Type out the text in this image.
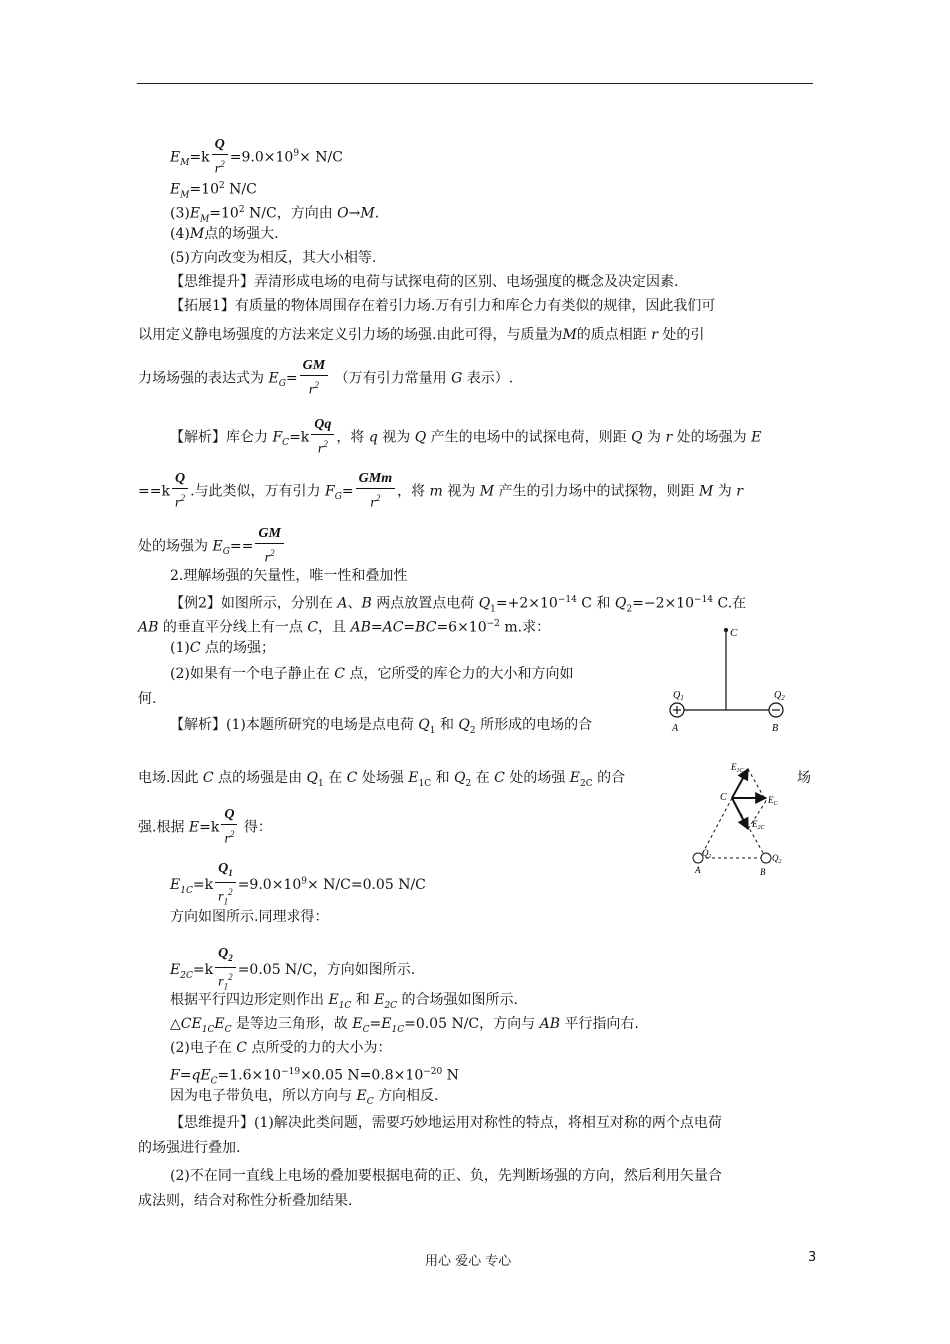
$E_M=k \frac{Q}{r^2} =9.0\times 10^9\times N/C$
$E_M=10^2$ N/C
$(3)E_M=10^2$ N/C，方向由 O→M.
(4)M点的场强大.
(5)方向改变为相反，其大小相等.
【思维提升】弄清形成电场的电荷与试探电荷的区别、电场强度的概念及决定因素.
【拓展1】有质量的物体周围存在着引力场.万有引力和库仑力有类似的规律，因此我们可
以用定义静电场强度的方法来定义引力场的场强.由此可得，与质量为M的质点相距 r 处的引
力场场强的表达式为 $E_G= \frac{GM}{r^2}$ （万有引力常量用 G 表示）.
【解析】库仑力 $F_C=k \frac{Qq}{r^2}$ ，将 q 视为 Q 产生的电场中的试探电荷，则距 Q 为 r 处的场强为 E
$==k \frac{Q}{r^2}$ .与此类似，万有引力 $F_G= \frac{\text{GMm}}{r^2}$ ，将 m 视为 M 产生的引力场中的试探物，则距 M 为 r
处的场强为 $E_G== \frac{GM}{r^2}$
2.理解场强的矢量性，唯一性和叠加性
【例2】如图所示，分别在 A、B 两点放置点电荷 $Q_1=+2\times 10^{-14}$ C 和 $Q_2=-2\times 10^{-14}$ C.在
AB 的垂直平分线上有一点 C，且 $AB=AC=BC=6\times 10^{-2}$ m.求：
(1)C 点的场强；
(2)如果有一个电子静止在 C 点，它所受的库仑力的大小和方向如
何.
【解析】(1)本题所研究的电场是点电荷 $Q_1$ 和 $Q_2$ 所形成的电场的合
电场.因此 C 点的场强是由 $Q_1$ 在 C 处场强 $E_{1C}$ 和 $Q_2$ 在 C 处的场强 $E_{2C}$ 的合	场
强.根据 $E=k \frac{Q}{r^2}$ 得：
$E_{1C}=k \frac{Q_1}{r_1^2} =9.0\times 10^9\times N/C=0.05$ N/C
方向如图所示.同理求得：
$E_{2C}=k \frac{Q_2}{r_1^2} =0.05$ N/C，方向如图所示.
根据平行四边形定则作出 $E_{1C}$ 和 $E_{2C}$ 的合场强如图所示.
$\triangle CE_{1C}E_C$ 是等边三角形，故 $E_C=E_{1C}=0.05$ N/C，方向与 AB 平行指向右.
(2)电子在 C 点所受的力的大小为：
$F=qE_C=1.6\times 10^{-19}\times 0.05$ $N=0.8\times 10^{-20}$ N
因为电子带负电，所以方向与 $E_C$ 方向相反.
【思维提升】(1)解决此类问题，需要巧妙地运用对称性的特点，将相互对称的两个点电荷
的场强进行叠加.
(2)不在同一直线上电场的叠加要根据电荷的正、负，先判断场强的方向，然后利用矢量合
成法则，结合对称性分析叠加结果.
C
$Q_1$	$Q_2$
A	B
C
$E_{1C}$
$E_C$
$E_{2C}$
$Q_1$	$Q_2$
A	B
用心 爱心 专心	3
